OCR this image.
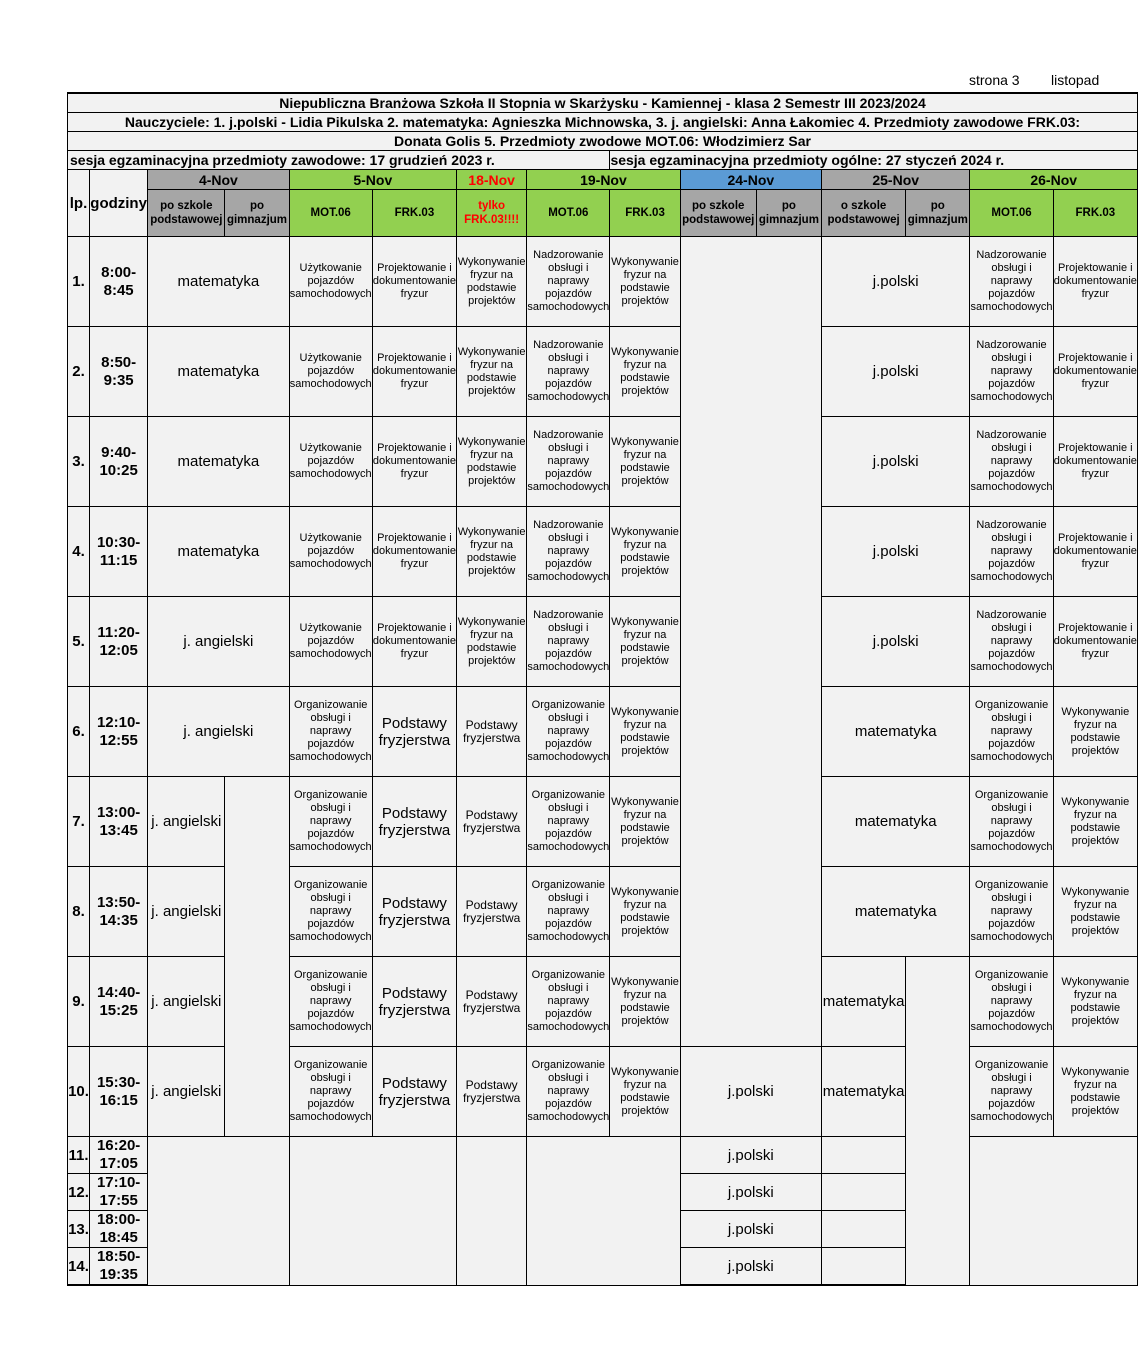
strona 3 listopad
Niepubliczna Branżowa Szkoła II Stopnia w Skarżysku - Kamiennej - klasa 2 Semestr III 2023/2024														
Nauczyciele: 1. j.polski - Lidia Pikulska 2. matematyka: Agnieszka Michnowska, 3. j. angielski: Anna Łakomiec 4. Przedmioty zawodowe FRK.03:														
Donata Golis 5. Przedmioty zwodowe MOT.06: Włodzimierz Sar														
sesja egzaminacyjna przedmioty zawodowe: 17 grudzień 2023 r.								sesja egzaminacyjna przedmioty ogólne: 27 styczeń 2024 r.						
lp.	godziny	4-Nov		5-Nov		18-Nov	19-Nov		24-Nov		25-Nov		26-Nov	
		po szkole podstawowej	po gimnazjum	MOT.06	FRK.03	tylko FRK.03!!!!	MOT.06	FRK.03	po szkole podstawowej	po gimnazjum	o szkole podstawowej	po gimnazjum	MOT.06	FRK.03
1.	8:00- 8:45	matematyka		Użytkowanie pojazdów samochodowych	Projektowanie i dokumentowanie fryzur	Wykonywanie fryzur na podstawie projektów	Nadzorowanie obsługi i naprawy pojazdów samochodowych	Wykonywanie fryzur na podstawie projektów			j.polski		Nadzorowanie obsługi i naprawy pojazdów samochodowych	Projektowanie i dokumentowanie fryzur
2.	8:50- 9:35	matematyka		Użytkowanie pojazdów samochodowych	Projektowanie i dokumentowanie fryzur	Wykonywanie fryzur na podstawie projektów	Nadzorowanie obsługi i naprawy pojazdów samochodowych	Wykonywanie fryzur na podstawie projektów			j.polski		Nadzorowanie obsługi i naprawy pojazdów samochodowych	Projektowanie i dokumentowanie fryzur
3.	9:40- 10:25	matematyka		Użytkowanie pojazdów samochodowych	Projektowanie i dokumentowanie fryzur	Wykonywanie fryzur na podstawie projektów	Nadzorowanie obsługi i naprawy pojazdów samochodowych	Wykonywanie fryzur na podstawie projektów			j.polski		Nadzorowanie obsługi i naprawy pojazdów samochodowych	Projektowanie i dokumentowanie fryzur
4.	10:30- 11:15	matematyka		Użytkowanie pojazdów samochodowych	Projektowanie i dokumentowanie fryzur	Wykonywanie fryzur na podstawie projektów	Nadzorowanie obsługi i naprawy pojazdów samochodowych	Wykonywanie fryzur na podstawie projektów			j.polski		Nadzorowanie obsługi i naprawy pojazdów samochodowych	Projektowanie i dokumentowanie fryzur
5.	11:20- 12:05	j. angielski		Użytkowanie pojazdów samochodowych	Projektowanie i dokumentowanie fryzur	Wykonywanie fryzur na podstawie projektów	Nadzorowanie obsługi i naprawy pojazdów samochodowych	Wykonywanie fryzur na podstawie projektów			j.polski		Nadzorowanie obsługi i naprawy pojazdów samochodowych	Projektowanie i dokumentowanie fryzur
6.	12:10- 12:55	j. angielski		Organizowanie obsługi i naprawy pojazdów samochodowych	Podstawy fryzjerstwa	Podstawy fryzjerstwa	Organizowanie obsługi i naprawy pojazdów samochodowych	Wykonywanie fryzur na podstawie projektów			matematyka		Organizowanie obsługi i naprawy pojazdów samochodowych	Wykonywanie fryzur na podstawie projektów
7.	13:00- 13:45	j. angielski		Organizowanie obsługi i naprawy pojazdów samochodowych	Podstawy fryzjerstwa	Podstawy fryzjerstwa	Organizowanie obsługi i naprawy pojazdów samochodowych	Wykonywanie fryzur na podstawie projektów			matematyka		Organizowanie obsługi i naprawy pojazdów samochodowych	Wykonywanie fryzur na podstawie projektów
8.	13:50- 14:35	j. angielski		Organizowanie obsługi i naprawy pojazdów samochodowych	Podstawy fryzjerstwa	Podstawy fryzjerstwa	Organizowanie obsługi i naprawy pojazdów samochodowych	Wykonywanie fryzur na podstawie projektów			matematyka		Organizowanie obsługi i naprawy pojazdów samochodowych	Wykonywanie fryzur na podstawie projektów
9.	14:40- 15:25	j. angielski		Organizowanie obsługi i naprawy pojazdów samochodowych	Podstawy fryzjerstwa	Podstawy fryzjerstwa	Organizowanie obsługi i naprawy pojazdów samochodowych	Wykonywanie fryzur na podstawie projektów			matematyka		Organizowanie obsługi i naprawy pojazdów samochodowych	Wykonywanie fryzur na podstawie projektów
10.	15:30- 16:15	j. angielski		Organizowanie obsługi i naprawy pojazdów samochodowych	Podstawy fryzjerstwa	Podstawy fryzjerstwa	Organizowanie obsługi i naprawy pojazdów samochodowych	Wykonywanie fryzur na podstawie projektów	j.polski		matematyka		Organizowanie obsługi i naprawy pojazdów samochodowych	Wykonywanie fryzur na podstawie projektów
11.	16:20- 17:05								j.polski					
12.	17:10- 17:55								j.polski					
13.	18:00- 18:45								j.polski					
14.	18:50- 19:35								j.polski					
